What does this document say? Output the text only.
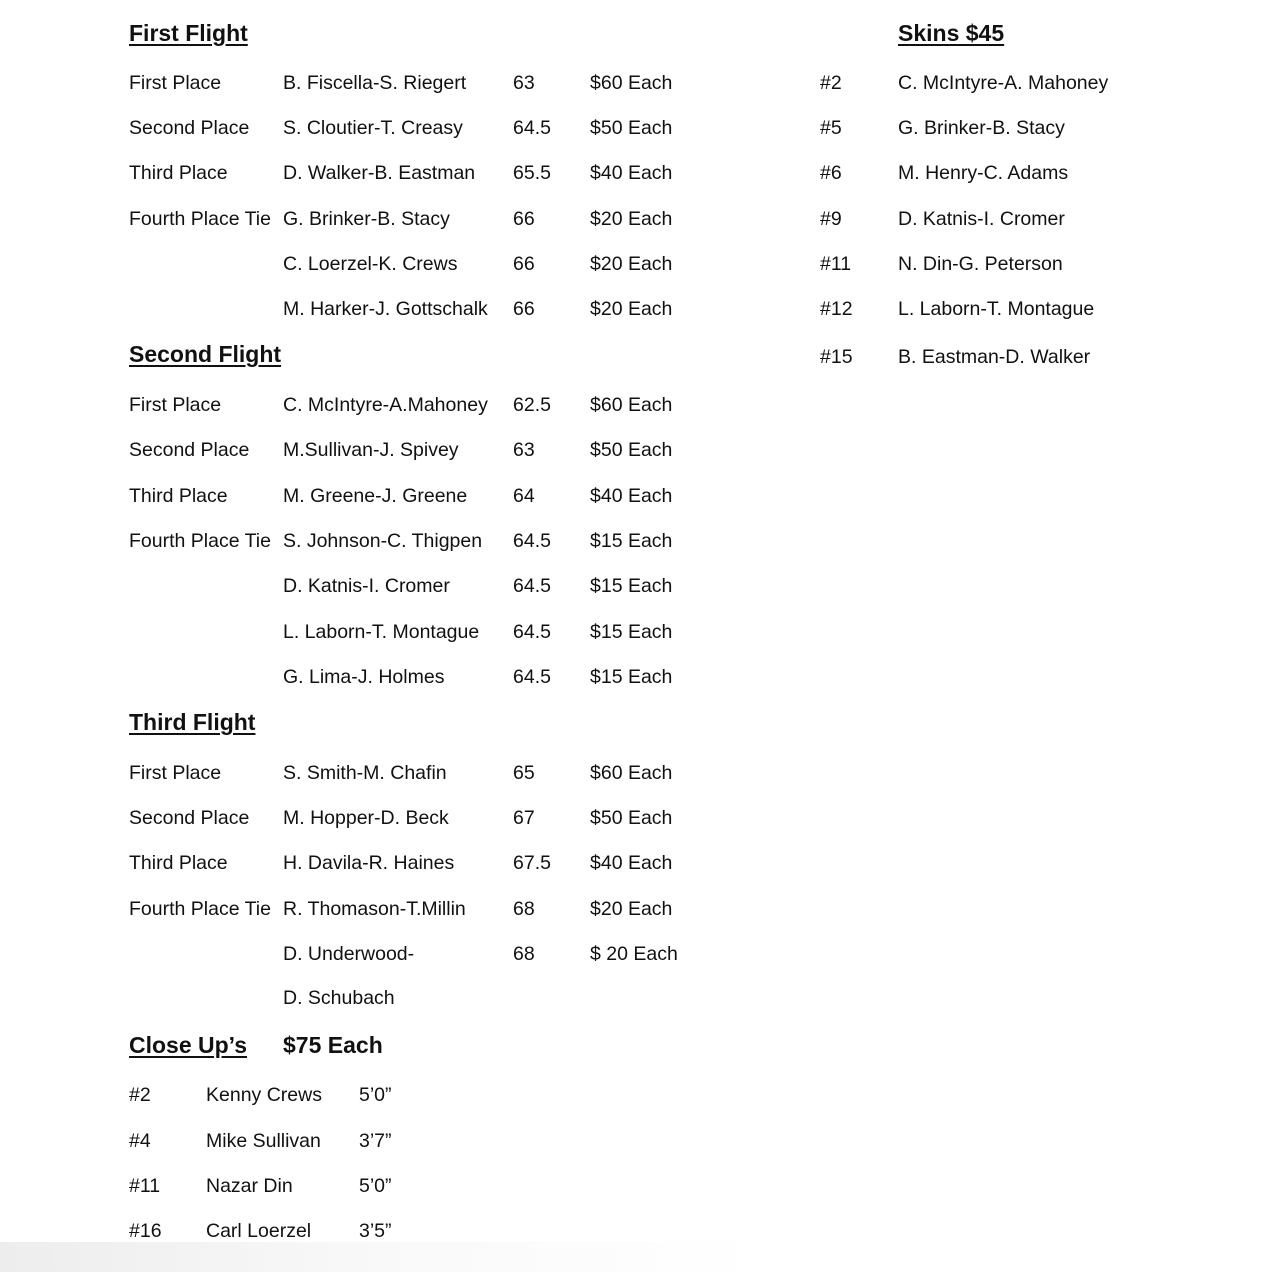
First Flight
First Place	B. Fiscella-S. Riegert 63	$60 Each
Second Place S. Cloutier-T. Creasy	64.5 $50 Each
Third Place	D. Walker-B. Eastman 65.5 $40 Each
Fourth Place Tie G. Brinker-B. Stacy	66	$20 Each
C. Loerzel-K. Crews	66	$20 Each
M. Harker-J. Gottschalk 66	$20 Each
Second Flight
First Place	C. McIntyre-A.Mahoney 62.5 $60 Each
Second Place M.Sullivan-J. Spivey	63	$50 Each
Third Place	M. Greene-J. Greene 64	$40 Each
Fourth Place Tie S. Johnson-C. Thigpen 64.5 $15 Each
D. Katnis-I. Cromer	64.5 $15 Each
L. Laborn-T. Montague 64.5 $15 Each
G. Lima-J. Holmes	64.5 $15 Each
Third Flight
First Place	S. Smith-M. Chafin	65	$60 Each
Second Place M. Hopper-D. Beck	67	$50 Each
Third Place	H. Davila-R. Haines	67.5 $40 Each
Fourth Place Tie R. Thomason-T.Millin 68	$20 Each
D. Underwood-	68	$ 20 Each
D. Schubach
Close Up’s $75 Each
#2	Kenny Crews 5’0”
#4	Mike Sullivan 3’7”
#11 Nazar Din	5’0”
#16 Carl Loerzel 3’5”
Skins $45
#2	C. McIntyre-A. Mahoney
#5	G. Brinker-B. Stacy
#6	M. Henry-C. Adams
#9	D. Katnis-I. Cromer
#11 N. Din-G. Peterson
#12 L. Laborn-T. Montague
#15 B. Eastman-D. Walker
